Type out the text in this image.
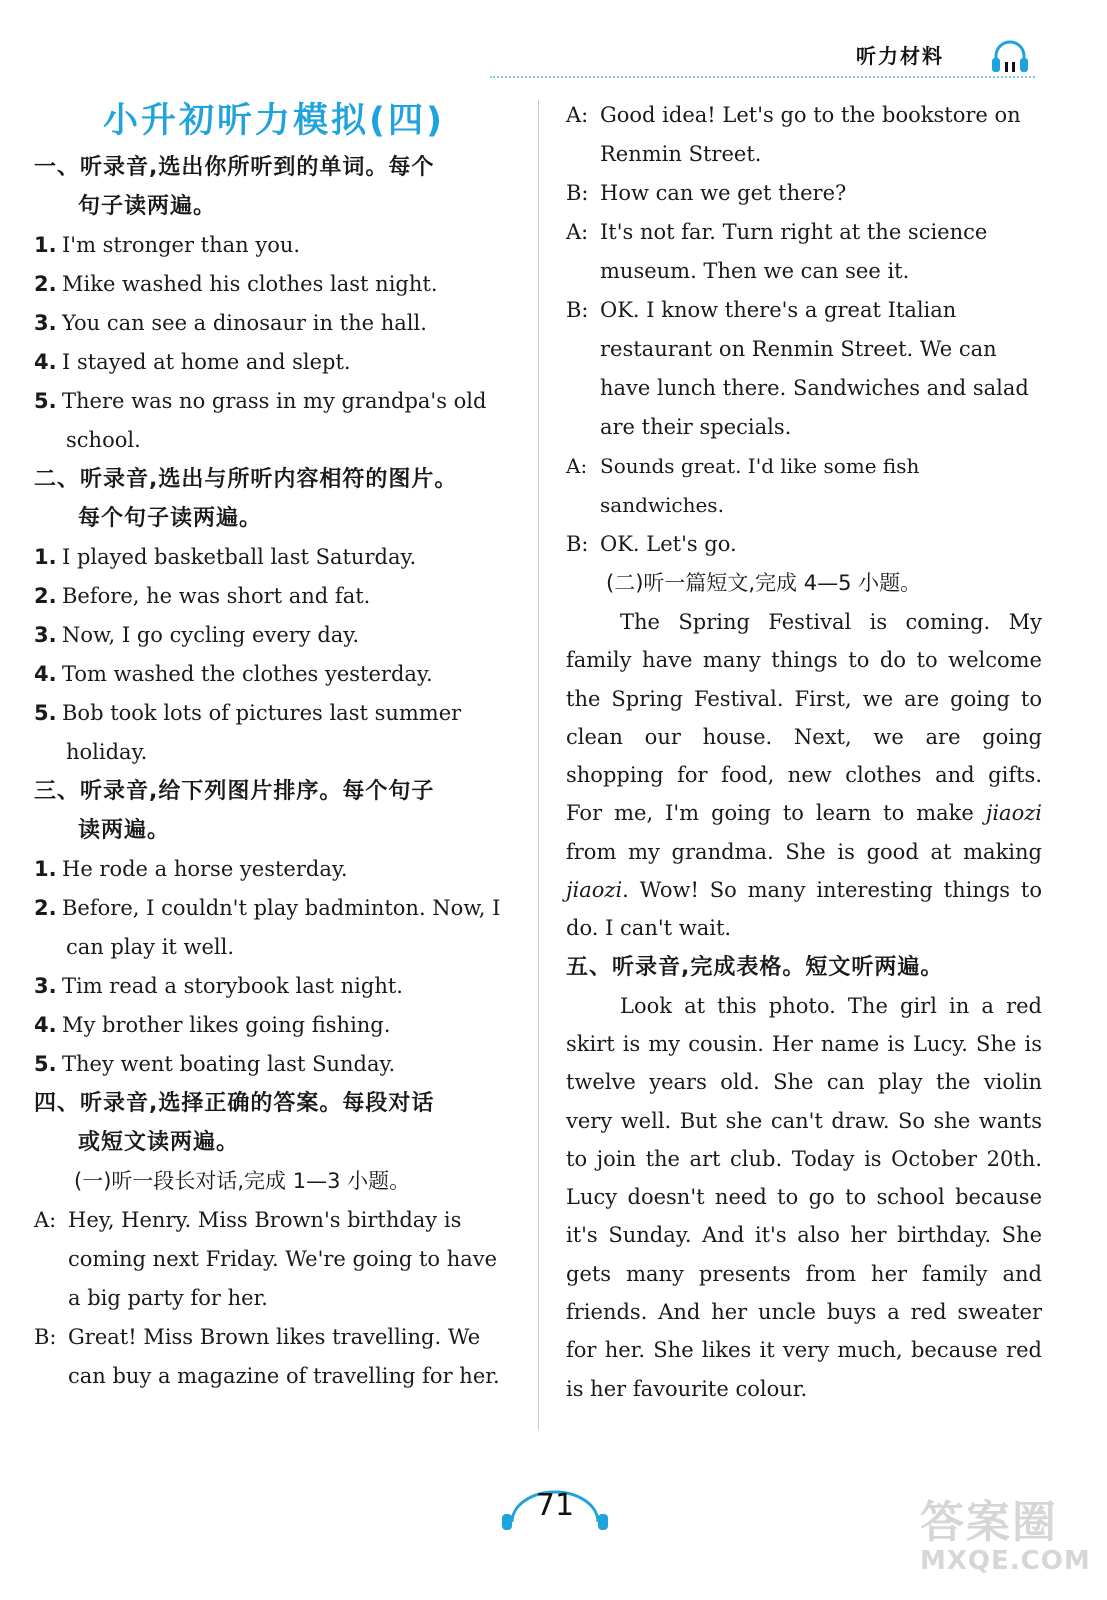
听力材料
小升初听力模拟(四)
一、听录音,选出你所听到的单词。每个
句子读两遍。
1. I'm stronger than you.
2. Mike washed his clothes last night.
3. You can see a dinosaur in the hall.
4. I stayed at home and slept.
5. There was no grass in my grandpa's old school.
二、听录音,选出与所听内容相符的图片。
每个句子读两遍。
1. I played basketball last Saturday.
2. Before, he was short and fat.
3. Now, I go cycling every day.
4. Tom washed the clothes yesterday.
5. Bob took lots of pictures last summer holiday.
三、听录音,给下列图片排序。每个句子
读两遍。
1. He rode a horse yesterday.
2. Before, I couldn't play badminton. Now, I can play it well.
3. Tim read a storybook last night.
4. My brother likes going fishing.
5. They went boating last Sunday.
四、听录音,选择正确的答案。每段对话
或短文读两遍。
(一)听一段长对话,完成 1—3 小题。
A: Hey, Henry. Miss Brown's birthday is coming next Friday. We're going to have a big party for her.
B: Great! Miss Brown likes travelling. We can buy a magazine of travelling for her.
A: Good idea! Let's go to the bookstore on Renmin Street.
B: How can we get there?
A: It's not far. Turn right at the science museum. Then we can see it.
B: OK. I know there's a great Italian restaurant on Renmin Street. We can have lunch there. Sandwiches and salad are their specials.
A: Sounds great. I'd like some fish sandwiches.
B: OK. Let's go.
(二)听一篇短文,完成 4—5 小题。
The Spring Festival is coming. My family have many things to do to welcome the Spring Festival. First, we are going to clean our house. Next, we are going shopping for food, new clothes and gifts. For me, I'm going to learn to make jiaozi from my grandma. She is good at making jiaozi. Wow! So many interesting things to do. I can't wait.
五、听录音,完成表格。短文听两遍。
Look at this photo. The girl in a red skirt is my cousin. Her name is Lucy. She is twelve years old. She can play the violin very well. But she can't draw. So she wants to join the art club. Today is October 20th. Lucy doesn't need to go to school because it's Sunday. And it's also her birthday. She gets many presents from her family and friends. And her uncle buys a red sweater for her. She likes it very much, because red is her favourite colour.
71	答案圈
MXQE.COM
